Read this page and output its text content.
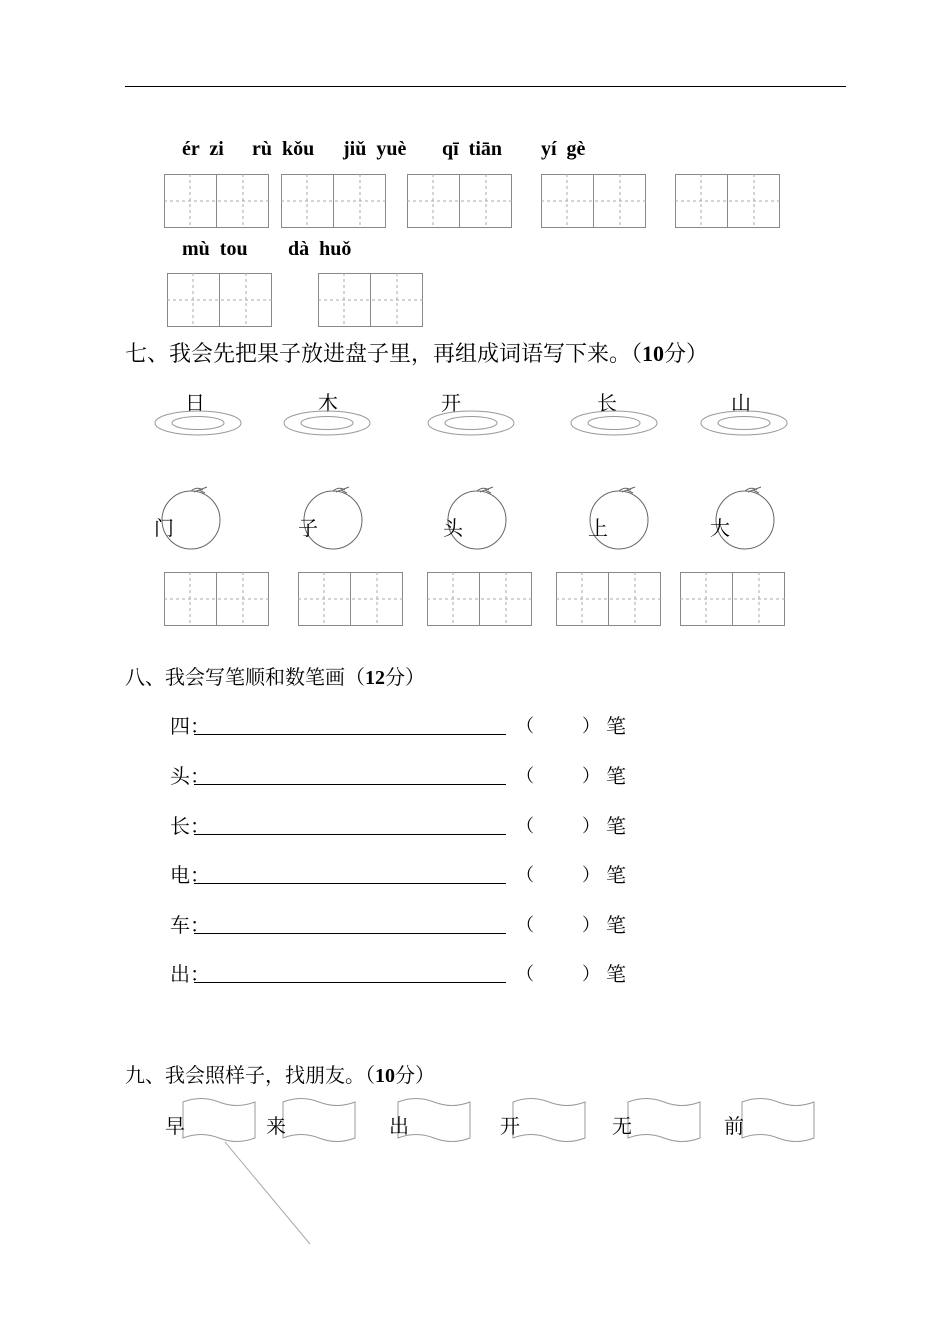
ér  zi rù  kǒu jiǔ  yuè qī  tiān yí  gè
mù  tou dà  huǒ
七、我会先把果子放进盘子里，再组成词语写下来。（10分）
日	木	开	长	山
门	子	头	上	大
八、我会写笔顺和数笔画（12分）
四：	（	） 笔
头：	（	） 笔
长：	（	） 笔
电：	（	） 笔
车：	（	） 笔
出：	（	） 笔
九、我会照样子，找朋友。（10分）
早	来	出	开	无	前
